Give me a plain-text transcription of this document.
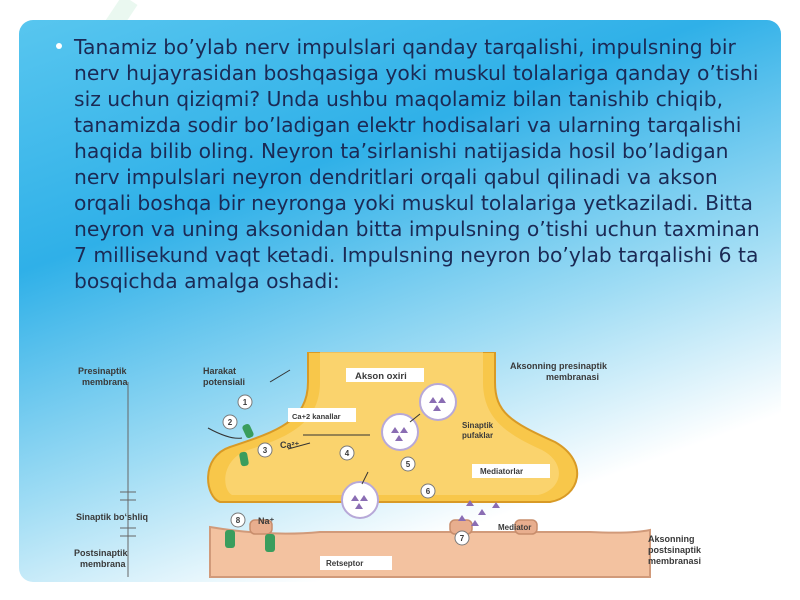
Tanamiz bo’ylab nerv impulslari qanday tarqalishi, impulsning bir nerv hujayrasidan boshqasiga yoki muskul tolalariga qanday o’tishi siz uchun qiziqmi? Unda ushbu maqolamiz bilan tanishib chiqib, tanamizda sodir bo’ladigan elektr hodisalari va ularning tarqalishi haqida bilib oling. Neyron ta’sirlanishi natijasida hosil bo’ladigan nerv impulslari neyron dendritlari orqali qabul qilinadi va akson orqali boshqa bir neyronga yoki muskul tolalariga yetkaziladi. Bitta neyron va uning aksonidan bitta impulsning o’tishi uchun taxminan 7 millisekund vaqt ketadi. Impulsning neyron bo’ylab tarqalishi 6 ta bosqichda amalga oshadi:

1
2
3	4
5
6
7
8
Presinaptik
membrana
Sinaptik bo‘shliq
Postsinaptik
membrana
Harakat
potensiali	Akson oxiri
Ca+2 kanallar
Ca²⁺
Sinaptik
pufaklar
Mediatorlar
Mediator
Na⁺
Retseptor
Aksonning presinaptik
membranasi
Aksonning
postsinaptik
membranasi
